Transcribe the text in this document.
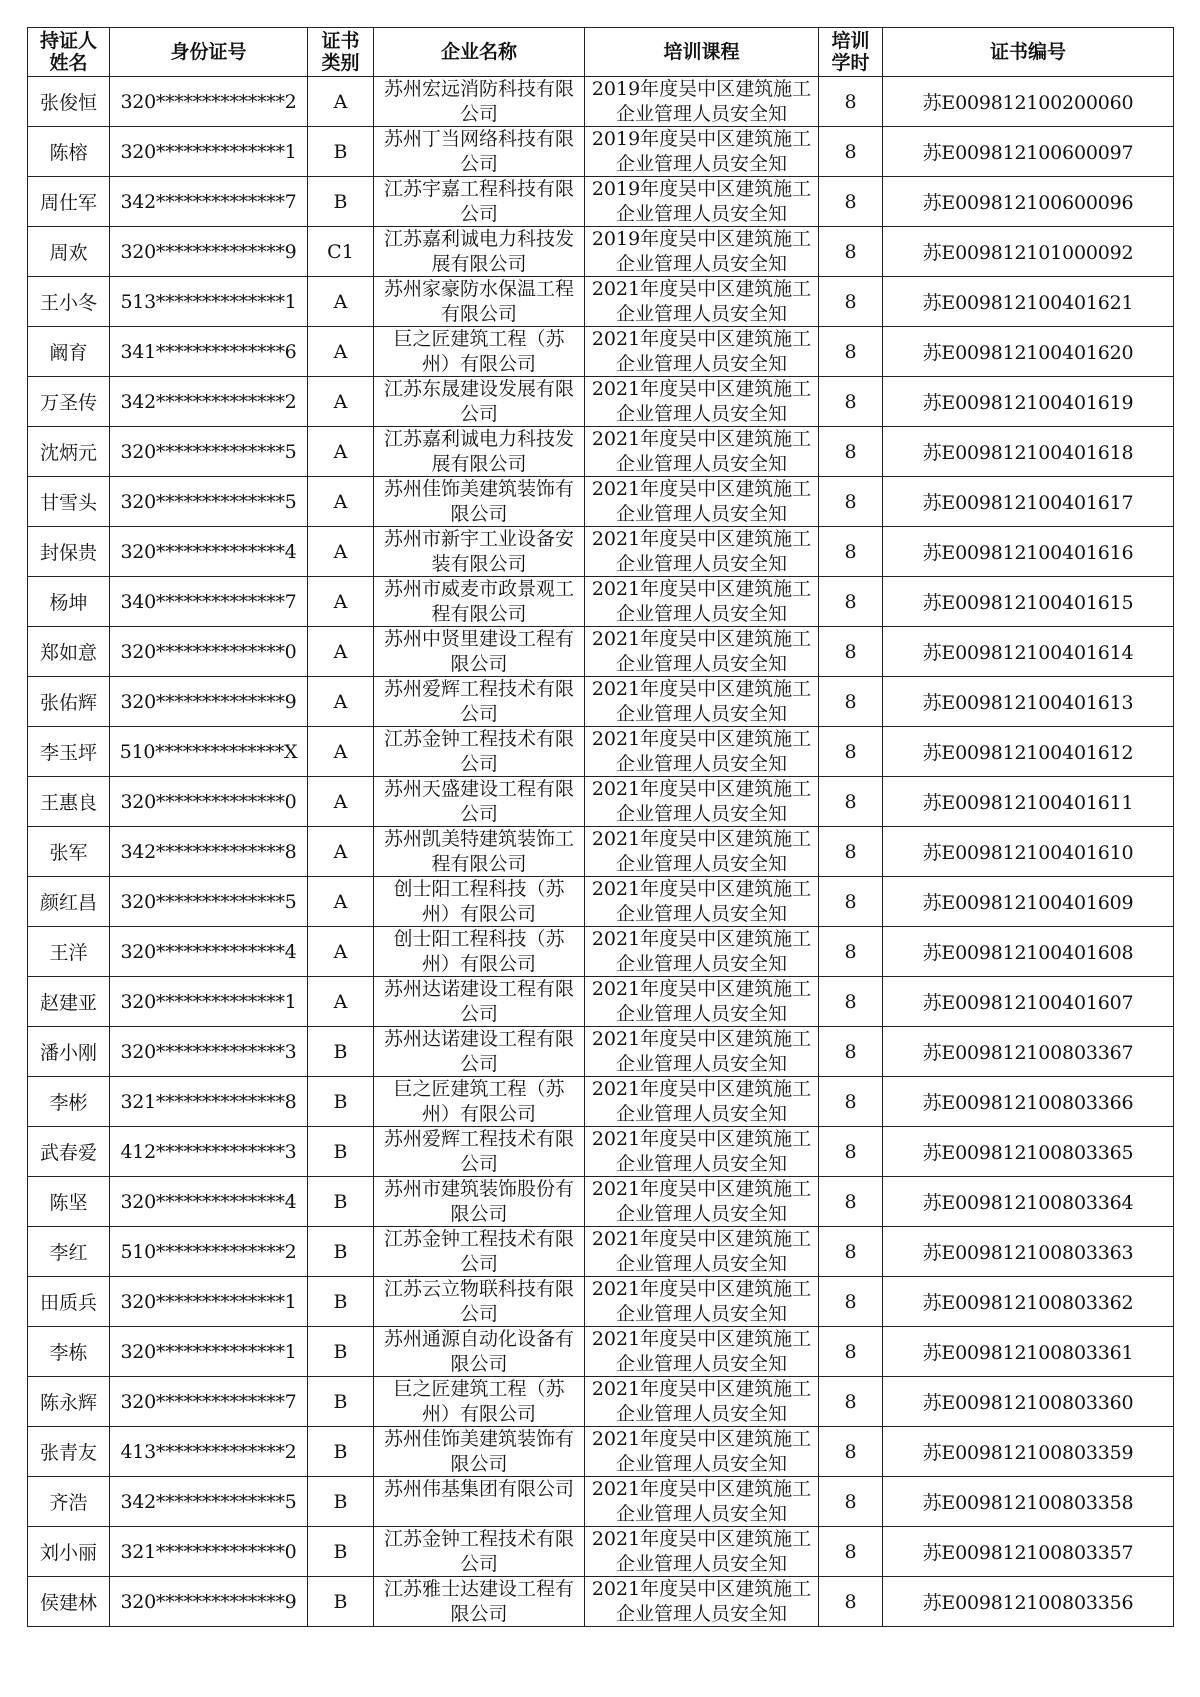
持证人姓名	身份证号	证书类别	企业名称	培训课程	培训学时	证书编号
张俊恒	320**************2	A	苏州宏远消防科技有限公司	2019年度吴中区建筑施工企业管理人员安全知	8	苏E009812100200060
陈榕	320**************1	B	苏州丁当网络科技有限公司	2019年度吴中区建筑施工企业管理人员安全知	8	苏E009812100600097
周仕军	342**************7	B	江苏宇嘉工程科技有限公司	2019年度吴中区建筑施工企业管理人员安全知	8	苏E009812100600096
周欢	320**************9	C1	江苏嘉利诚电力科技发展有限公司	2019年度吴中区建筑施工企业管理人员安全知	8	苏E009812101000092
王小冬	513**************1	A	苏州家豪防水保温工程有限公司	2021年度吴中区建筑施工企业管理人员安全知	8	苏E009812100401621
阚育	341**************6	A	巨之匠建筑工程（苏州）有限公司	2021年度吴中区建筑施工企业管理人员安全知	8	苏E009812100401620
万圣传	342**************2	A	江苏东晟建设发展有限公司	2021年度吴中区建筑施工企业管理人员安全知	8	苏E009812100401619
沈炳元	320**************5	A	江苏嘉利诚电力科技发展有限公司	2021年度吴中区建筑施工企业管理人员安全知	8	苏E009812100401618
甘雪头	320**************5	A	苏州佳饰美建筑装饰有限公司	2021年度吴中区建筑施工企业管理人员安全知	8	苏E009812100401617
封保贵	320**************4	A	苏州市新宇工业设备安装有限公司	2021年度吴中区建筑施工企业管理人员安全知	8	苏E009812100401616
杨坤	340**************7	A	苏州市威麦市政景观工程有限公司	2021年度吴中区建筑施工企业管理人员安全知	8	苏E009812100401615
郑如意	320**************0	A	苏州中贤里建设工程有限公司	2021年度吴中区建筑施工企业管理人员安全知	8	苏E009812100401614
张佑辉	320**************9	A	苏州爱辉工程技术有限公司	2021年度吴中区建筑施工企业管理人员安全知	8	苏E009812100401613
李玉坪	510**************X	A	江苏金钟工程技术有限公司	2021年度吴中区建筑施工企业管理人员安全知	8	苏E009812100401612
王惠良	320**************0	A	苏州天盛建设工程有限公司	2021年度吴中区建筑施工企业管理人员安全知	8	苏E009812100401611
张军	342**************8	A	苏州凯美特建筑装饰工程有限公司	2021年度吴中区建筑施工企业管理人员安全知	8	苏E009812100401610
颜红昌	320**************5	A	创士阳工程科技（苏州）有限公司	2021年度吴中区建筑施工企业管理人员安全知	8	苏E009812100401609
王洋	320**************4	A	创士阳工程科技（苏州）有限公司	2021年度吴中区建筑施工企业管理人员安全知	8	苏E009812100401608
赵建亚	320**************1	A	苏州达诺建设工程有限公司	2021年度吴中区建筑施工企业管理人员安全知	8	苏E009812100401607
潘小刚	320**************3	B	苏州达诺建设工程有限公司	2021年度吴中区建筑施工企业管理人员安全知	8	苏E009812100803367
李彬	321**************8	B	巨之匠建筑工程（苏州）有限公司	2021年度吴中区建筑施工企业管理人员安全知	8	苏E009812100803366
武春爱	412**************3	B	苏州爱辉工程技术有限公司	2021年度吴中区建筑施工企业管理人员安全知	8	苏E009812100803365
陈坚	320**************4	B	苏州市建筑装饰股份有限公司	2021年度吴中区建筑施工企业管理人员安全知	8	苏E009812100803364
李红	510**************2	B	江苏金钟工程技术有限公司	2021年度吴中区建筑施工企业管理人员安全知	8	苏E009812100803363
田质兵	320**************1	B	江苏云立物联科技有限公司	2021年度吴中区建筑施工企业管理人员安全知	8	苏E009812100803362
李栋	320**************1	B	苏州通源自动化设备有限公司	2021年度吴中区建筑施工企业管理人员安全知	8	苏E009812100803361
陈永辉	320**************7	B	巨之匠建筑工程（苏州）有限公司	2021年度吴中区建筑施工企业管理人员安全知	8	苏E009812100803360
张青友	413**************2	B	苏州佳饰美建筑装饰有限公司	2021年度吴中区建筑施工企业管理人员安全知	8	苏E009812100803359
齐浩	342**************5	B	苏州伟基集团有限公司	2021年度吴中区建筑施工企业管理人员安全知	8	苏E009812100803358
刘小丽	321**************0	B	江苏金钟工程技术有限公司	2021年度吴中区建筑施工企业管理人员安全知	8	苏E009812100803357
侯建林	320**************9	B	江苏雅士达建设工程有限公司	2021年度吴中区建筑施工企业管理人员安全知	8	苏E009812100803356
